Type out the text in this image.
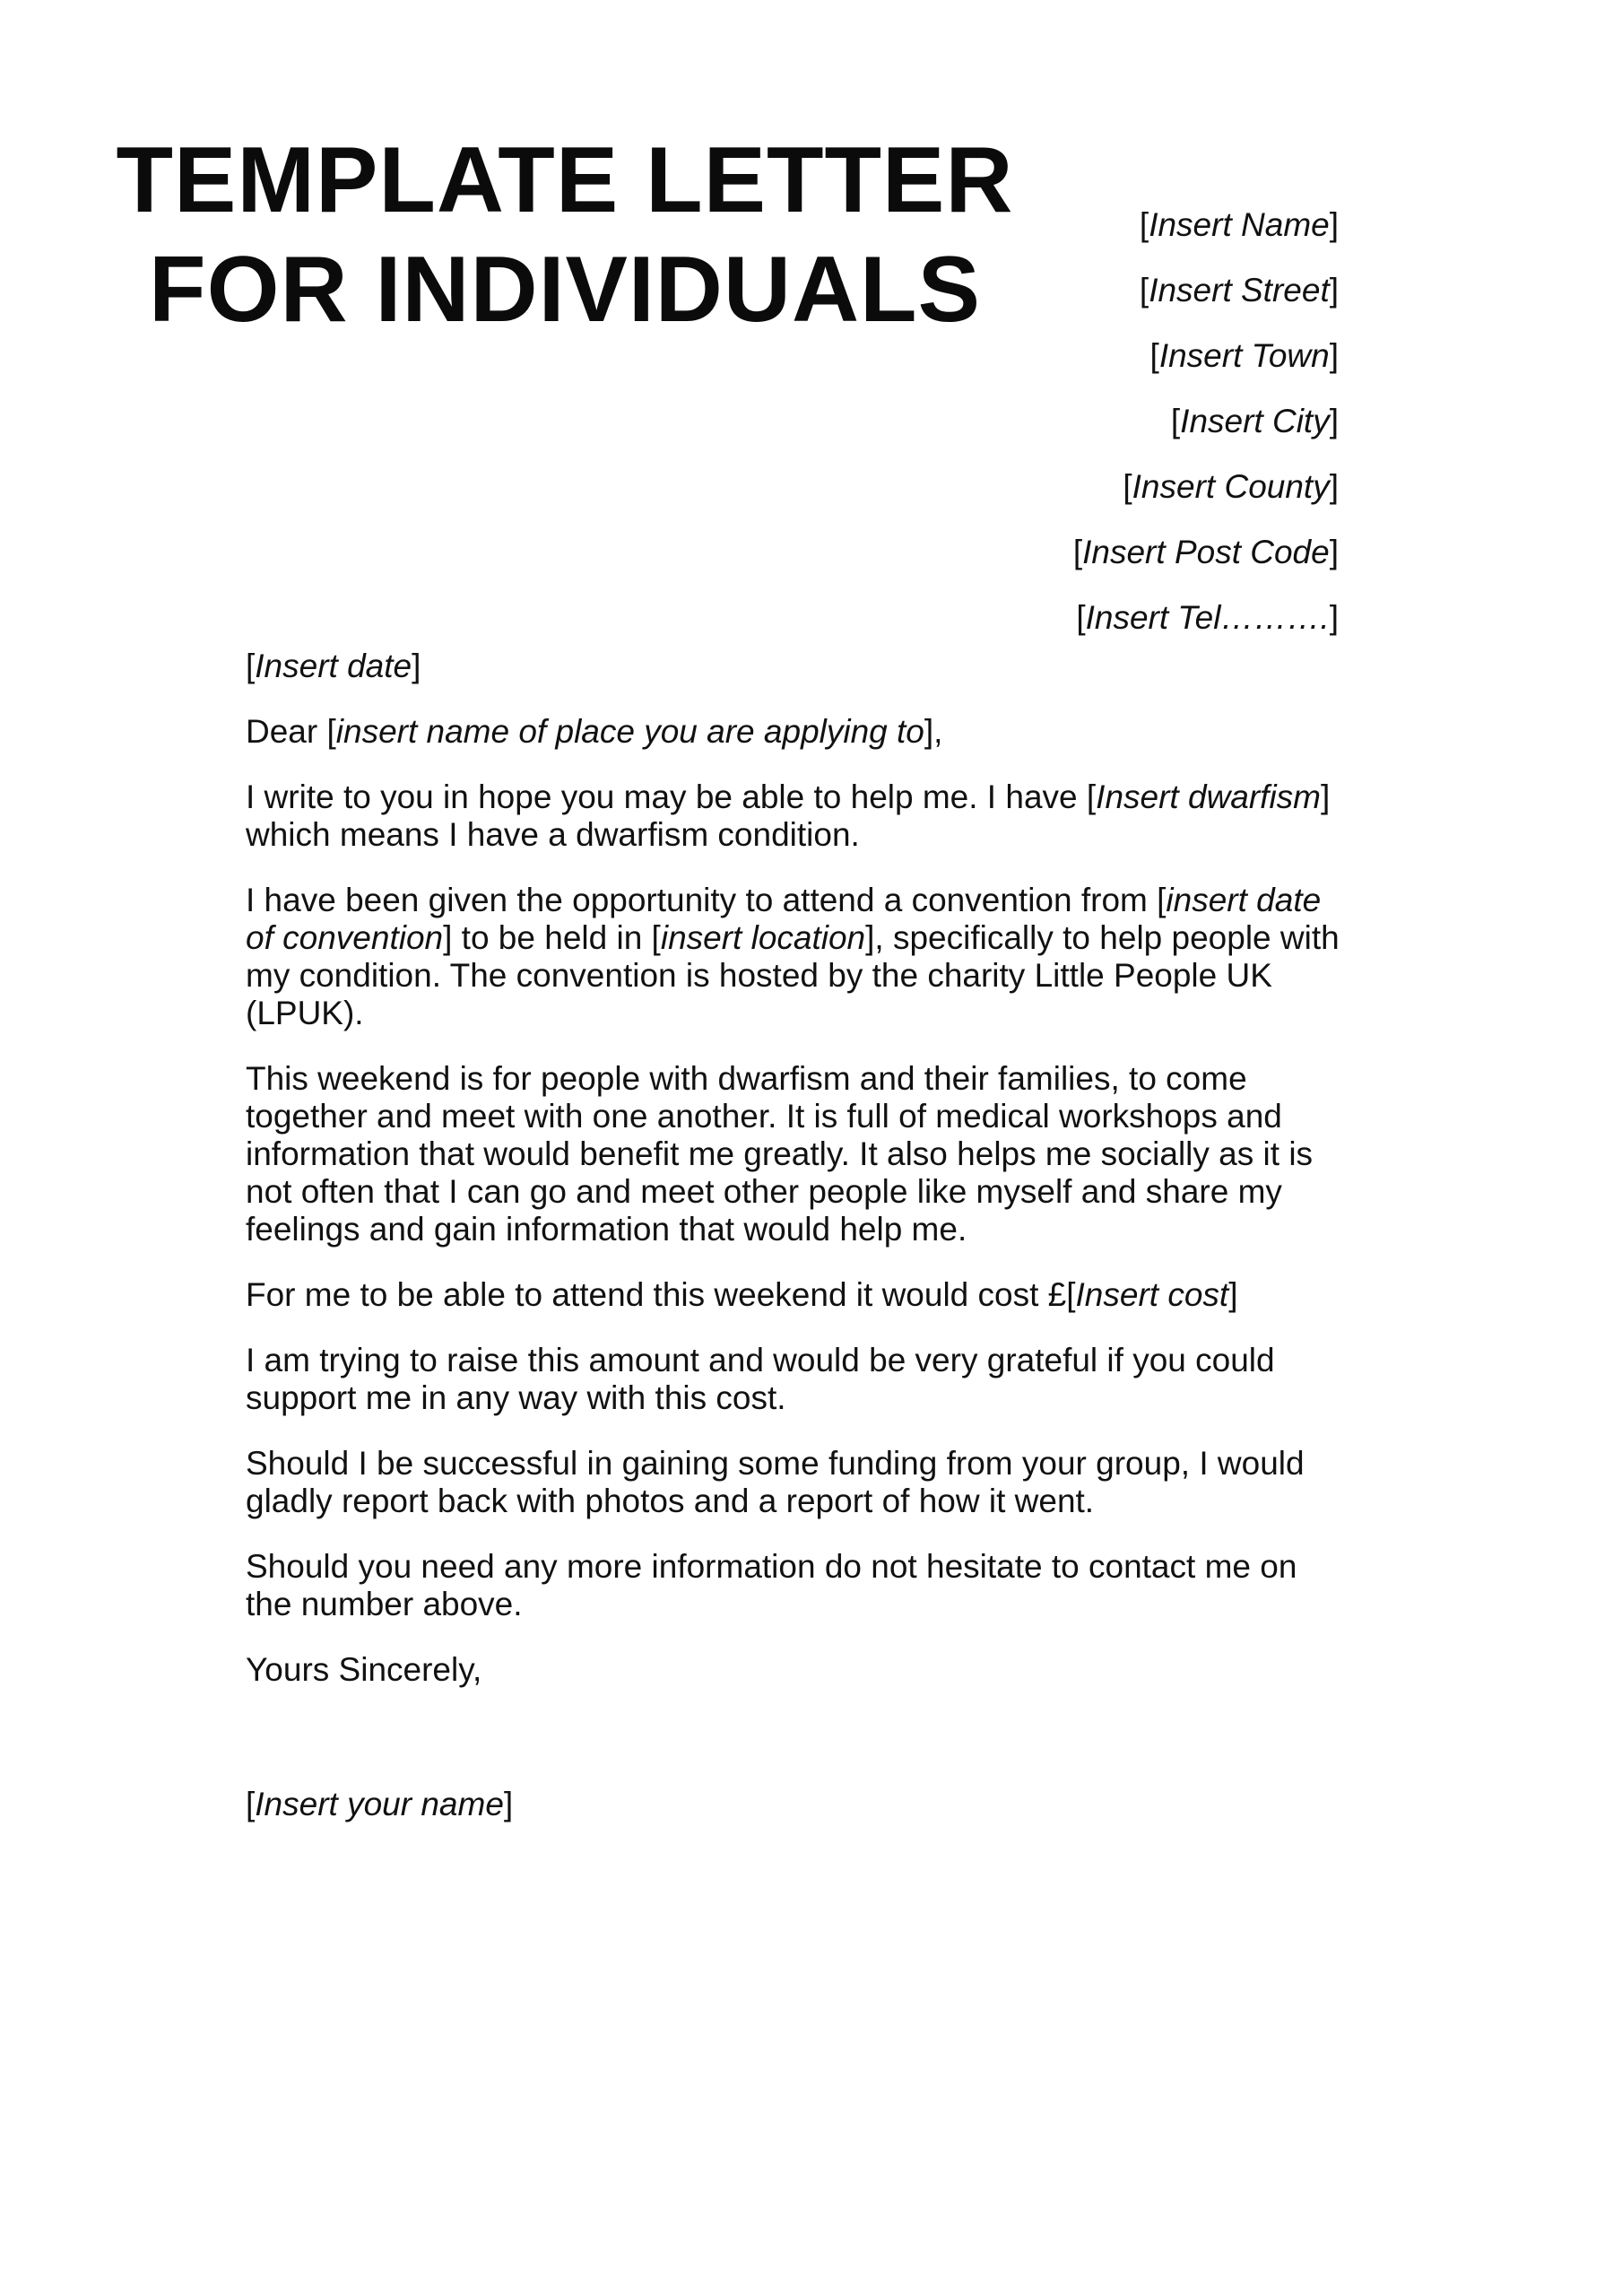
TEMPLATE LETTER
FOR INDIVIDUALS
[Insert Name]
[Insert Street]
[Insert Town]
[Insert City]
[Insert County]
[Insert Post Code]
[Insert Tel……….]

[Insert date]

Dear [insert name of place you are applying to],

I write to you in hope you may be able to help me. I have [Insert dwarfism]
which means I have a dwarfism condition.

I have been given the opportunity to attend a convention from [insert date
of convention] to be held in [insert location], specifically to help people with
my condition. The convention is hosted by the charity Little People UK
(LPUK).

This weekend is for people with dwarfism and their families, to come
together and meet with one another. It is full of medical workshops and
information that would benefit me greatly. It also helps me socially as it is
not often that I can go and meet other people like myself and share my
feelings and gain information that would help me.

For me to be able to attend this weekend it would cost £[Insert cost]

I am trying to raise this amount and would be very grateful if you could
support me in any way with this cost.

Should I be successful in gaining some funding from your group, I would
gladly report back with photos and a report of how it went.

Should you need any more information do not hesitate to contact me on
the number above.

Yours Sincerely,

[Insert your name]
